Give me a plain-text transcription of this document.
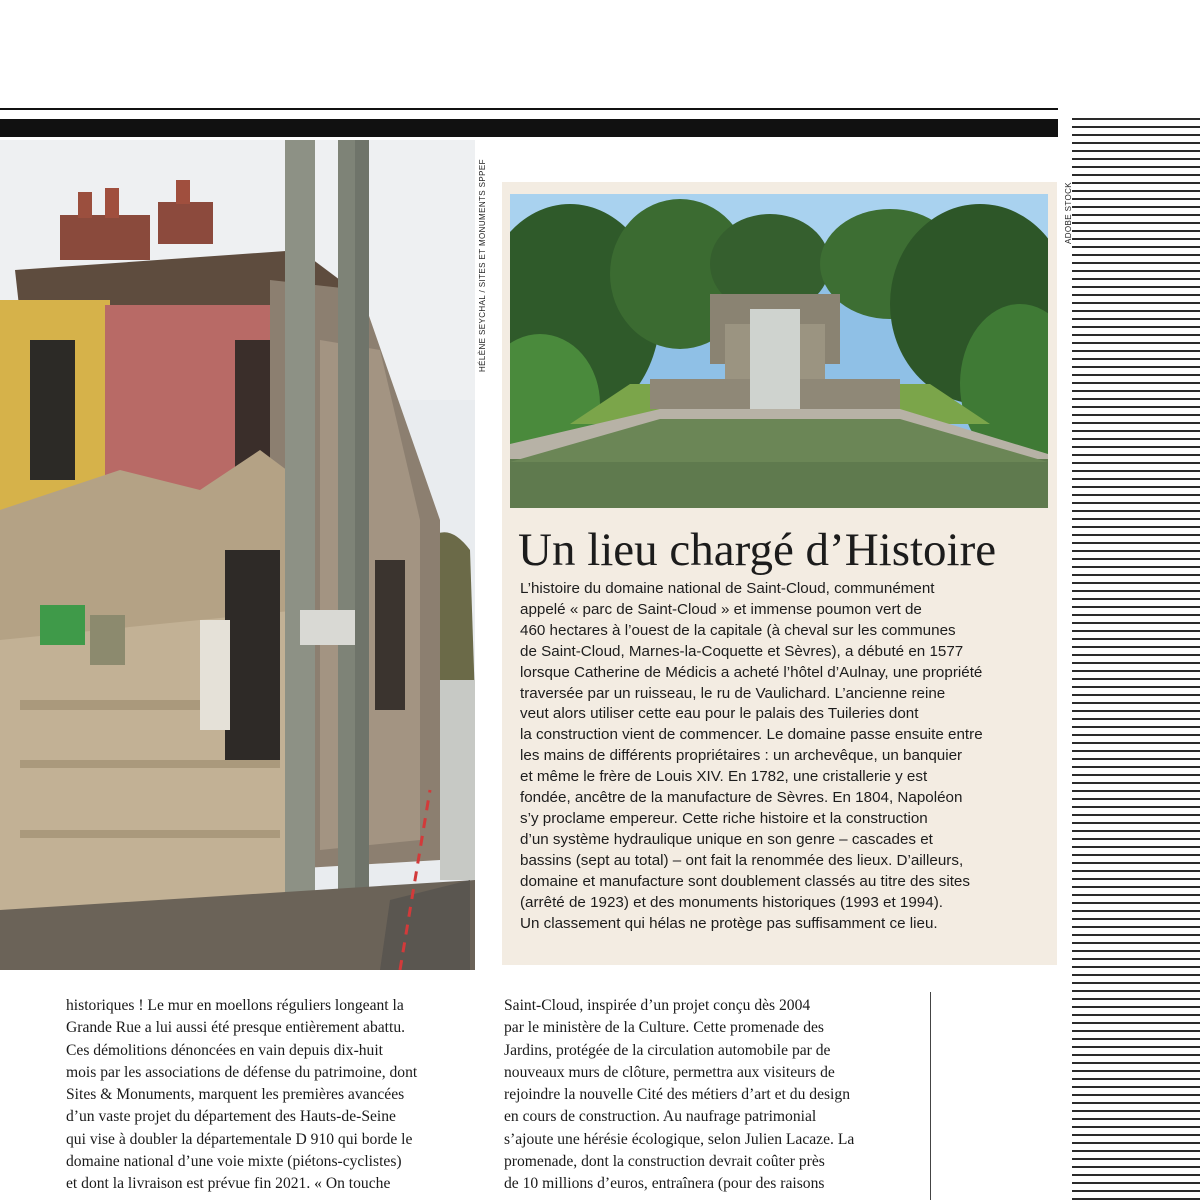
HÉLÈNE SEYCHAL / SITES ET MONUMENTS SPPEF	ADOBE STOCK
Un lieu chargé d’Histoire
L’histoire du domaine national de Saint-Cloud, communément
appelé « parc de Saint-Cloud » et immense poumon vert de
460 hectares à l’ouest de la capitale (à cheval sur les communes
de Saint-Cloud, Marnes-la-Coquette et Sèvres), a débuté en 1577
lorsque Catherine de Médicis a acheté l’hôtel d’Aulnay, une propriété
traversée par un ruisseau, le ru de Vaulichard. L’ancienne reine
veut alors utiliser cette eau pour le palais des Tuileries dont
la construction vient de commencer. Le domaine passe ensuite entre
les mains de différents propriétaires : un archevêque, un banquier
et même le frère de Louis XIV. En 1782, une cristallerie y est
fondée, ancêtre de la manufacture de Sèvres. En 1804, Napoléon
s’y proclame empereur. Cette riche histoire et la construction
d’un système hydraulique unique en son genre – cascades et
bassins (sept au total) – ont fait la renommée des lieux. D’ailleurs,
domaine et manufacture sont doublement classés au titre des sites
(arrêté de 1923) et des monuments historiques (1993 et 1994).
Un classement qui hélas ne protège pas suffisamment ce lieu.
historiques ! Le mur en moellons réguliers longeant la
Grande Rue a lui aussi été presque entièrement abattu.
Ces démolitions dénoncées en vain depuis dix-huit
mois par les associations de défense du patrimoine, dont
Sites & Monuments, marquent les premières avancées
d’un vaste projet du département des Hauts-de-Seine
qui vise à doubler la départementale D 910 qui borde le
domaine national d’une voie mixte (piétons-cyclistes)
et dont la livraison est prévue fin 2021. « On touche
Saint-Cloud, inspirée d’un projet conçu dès 2004
par le ministère de la Culture. Cette promenade des
Jardins, protégée de la circulation automobile par de
nouveaux murs de clôture, permettra aux visiteurs de
rejoindre la nouvelle Cité des métiers d’art et du design
en cours de construction. Au naufrage patrimonial
s’ajoute une hérésie écologique, selon Julien Lacaze. La
promenade, dont la construction devrait coûter près
de 10 millions d’euros, entraînera (pour des raisons
